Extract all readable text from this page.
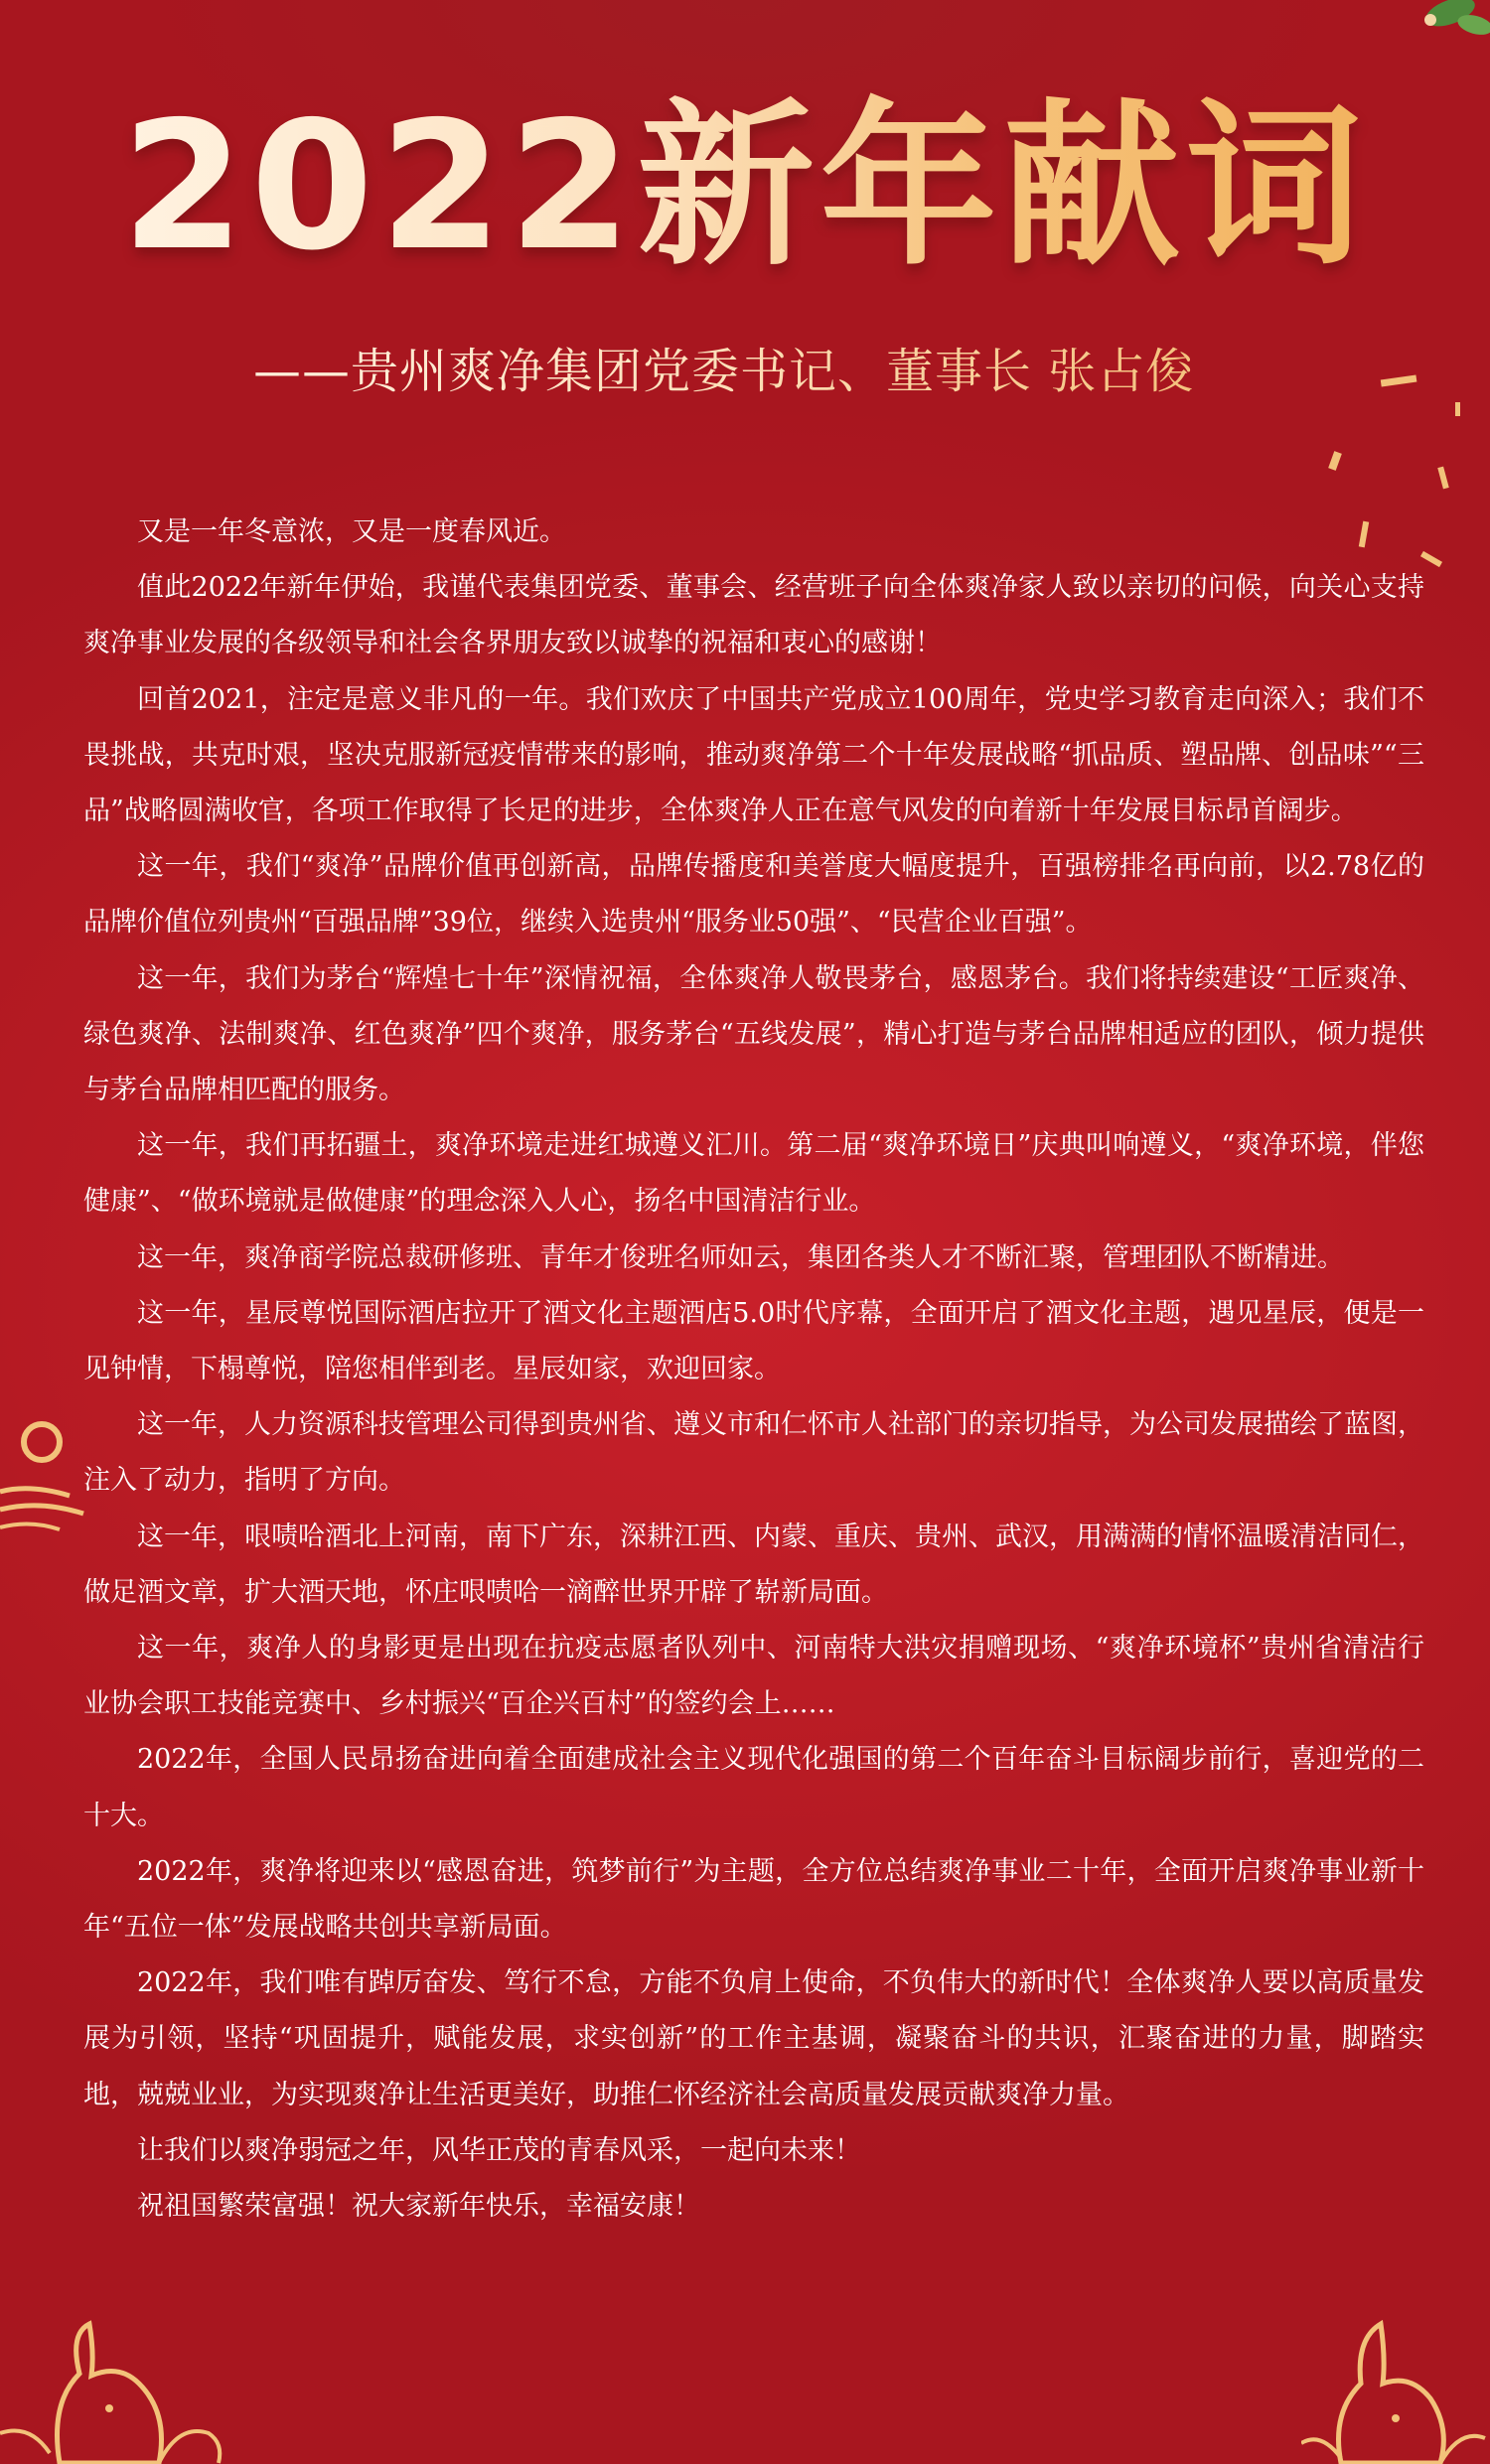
2022新年献词
——贵州爽净集团党委书记、董事长 张占俊

又是一年冬意浓，又是一度春风近。

值此2022年新年伊始，我谨代表集团党委、董事会、经营班子向全体爽净家人致以亲切的问候，向关心支持爽净事业发展的各级领导和社会各界朋友致以诚挚的祝福和衷心的感谢！

回首2021，注定是意义非凡的一年。我们欢庆了中国共产党成立100周年，党史学习教育走向深入；我们不畏挑战，共克时艰，坚决克服新冠疫情带来的影响，推动爽净第二个十年发展战略“抓品质、塑品牌、创品味”“三品”战略圆满收官，各项工作取得了长足的进步，全体爽净人正在意气风发的向着新十年发展目标昂首阔步。

这一年，我们“爽净”品牌价值再创新高，品牌传播度和美誉度大幅度提升，百强榜排名再向前，以2.78亿的品牌价值位列贵州“百强品牌”39位，继续入选贵州“服务业50强”、“民营企业百强”。

这一年，我们为茅台“辉煌七十年”深情祝福，全体爽净人敬畏茅台，感恩茅台。我们将持续建设“工匠爽净、绿色爽净、法制爽净、红色爽净”四个爽净，服务茅台“五线发展”，精心打造与茅台品牌相适应的团队，倾力提供与茅台品牌相匹配的服务。

这一年，我们再拓疆土，爽净环境走进红城遵义汇川。第二届“爽净环境日”庆典叫响遵义，“爽净环境，伴您健康”、“做环境就是做健康”的理念深入人心，扬名中国清洁行业。

这一年，爽净商学院总裁研修班、青年才俊班名师如云，集团各类人才不断汇聚，管理团队不断精进。

这一年，星辰尊悦国际酒店拉开了酒文化主题酒店5.0时代序幕，全面开启了酒文化主题，遇见星辰，便是一见钟情，下榻尊悦，陪您相伴到老。星辰如家，欢迎回家。

这一年，人力资源科技管理公司得到贵州省、遵义市和仁怀市人社部门的亲切指导，为公司发展描绘了蓝图，注入了动力，指明了方向。

这一年，哏啧哈酒北上河南，南下广东，深耕江西、内蒙、重庆、贵州、武汉，用满满的情怀温暖清洁同仁，做足酒文章，扩大酒天地，怀庄哏啧哈一滴醉世界开辟了崭新局面。

这一年，爽净人的身影更是出现在抗疫志愿者队列中、河南特大洪灾捐赠现场、“爽净环境杯”贵州省清洁行业协会职工技能竞赛中、乡村振兴“百企兴百村”的签约会上……

2022年，全国人民昂扬奋进向着全面建成社会主义现代化强国的第二个百年奋斗目标阔步前行，喜迎党的二十大。

2022年，爽净将迎来以“感恩奋进，筑梦前行”为主题，全方位总结爽净事业二十年，全面开启爽净事业新十年“五位一体”发展战略共创共享新局面。

2022年，我们唯有踔厉奋发、笃行不怠，方能不负肩上使命，不负伟大的新时代！全体爽净人要以高质量发展为引领，坚持“巩固提升，赋能发展，求实创新”的工作主基调，凝聚奋斗的共识，汇聚奋进的力量，脚踏实地，兢兢业业，为实现爽净让生活更美好，助推仁怀经济社会高质量发展贡献爽净力量。

让我们以爽净弱冠之年，风华正茂的青春风采，一起向未来！

祝祖国繁荣富强！祝大家新年快乐，幸福安康！
